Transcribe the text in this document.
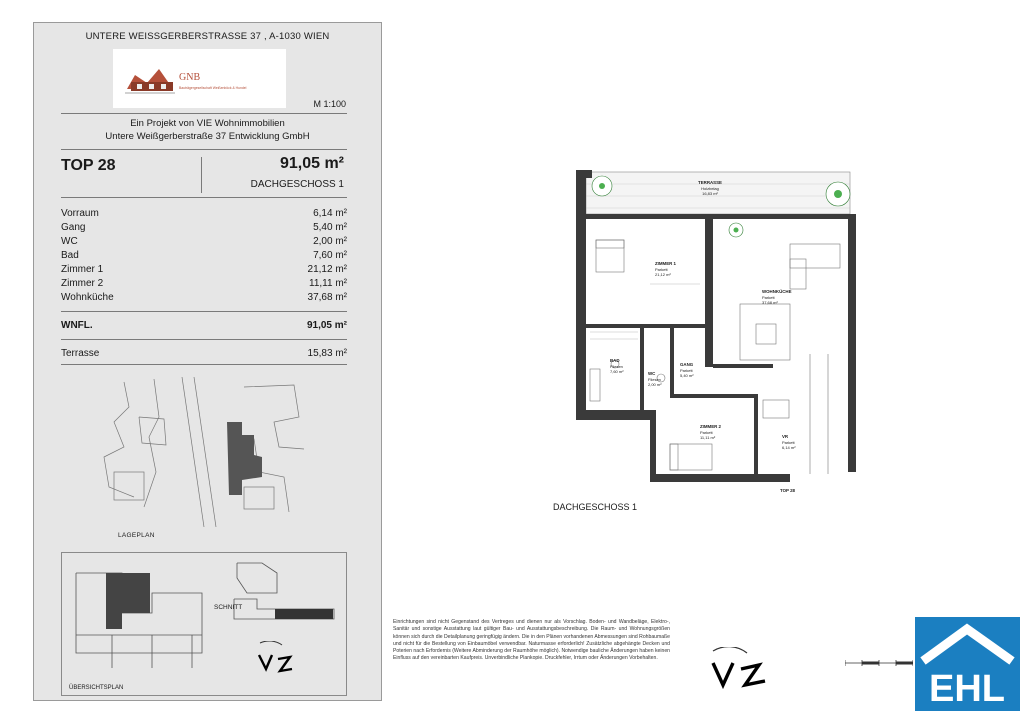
UNTERE WEISSGERBERSTRASSE 37 , A-1030 WIEN
GNB
Bauträgergesellschaft Weißenböck & Hundel
M 1:100
Ein Projekt von VIE Wohnimmobilien
Untere Weißgerberstraße 37 Entwicklung GmbH
TOP 28	91,05 m²
DACHGESCHOSS 1
Vorraum	6,14 m²
Gang	5,40 m²
WC	2,00 m²
Bad	7,60 m²
Zimmer 1	21,12 m²
Zimmer 2	11,11 m²
Wohnküche	37,68 m²
WNFL.	91,05 m²
Terrasse	15,83 m²
LAGEPLAN
SCHNITT
ÜBERSICHTSPLAN
TERRASSE
Holzbelag
16,83 m²
ZIMMER 1
Parkett
21,12 m²
WOHNKÜCHE
Parkett
37,68 m²
BAD
Fliesen
7,60 m²
GANG
Parkett
5,40 m²
WC
Fliesen
2,00 m²
ZIMMER 2
Parkett
11,11 m²	VR
Parkett
6,14 m²
TOP 28
DACHGESCHOSS 1
Einrichtungen sind nicht Gegenstand des Vertreges und dienen nur als Vorschlag. Boden- und Wandbeläge, Elektro-, Sanitär und sonstige Ausstattung laut gültiger Bau- und Ausstattungsbeschreibung. Die Raum- und Wohnungsgrößen können sich durch die Detailplanung geringfügig ändern. Die in den Plänen vorhandenen Abmessungen sind Rohbaumaße und nicht für die Bestellung von Einbaumöbel verwendbar. Naturmasse erforderlich! Zusätzliche abgehängte Decken und Poterien nach Erfordernis (Weitere Abminderung der Raumhöhe möglich). Notwendige bauliche Änderungen haben keinen Einfluss auf den vereinbarten Kaufpreis. Unverbindliche Plankopie. Druckfehler, Irrtum oder Änderungen Vorbehalten.
EHL
